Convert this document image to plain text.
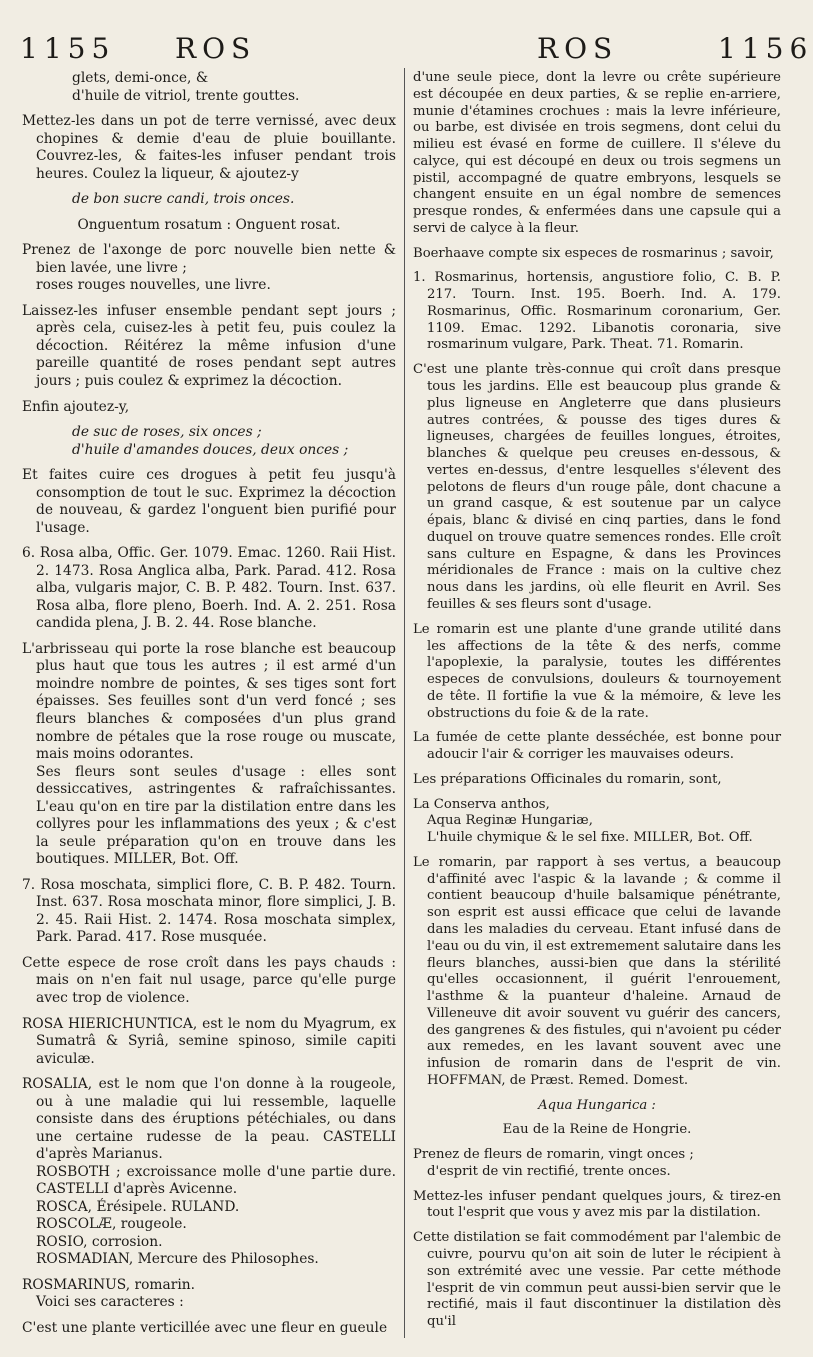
1155 ROS	ROS	1156
glets, demi-once, &
d'huile de vitriol, trente gouttes.
Mettez-les dans un pot de terre vernissé, avec deux chopines & demie d'eau de pluie bouillante. Couvrez-les, & faites-les infuser pendant trois heures. Coulez la liqueur, & ajoutez-y
de bon sucre candi, trois onces.
Onguentum rosatum : Onguent rosat.
Prenez de l'axonge de porc nouvelle bien nette & bien lavée, une livre ;
roses rouges nouvelles, une livre.
Laissez-les infuser ensemble pendant sept jours ; après cela, cuisez-les à petit feu, puis coulez la décoction. Réitérez la même infusion d'une pareille quantité de roses pendant sept autres jours ; puis coulez & exprimez la décoction.
Enfin ajoutez-y,
de suc de roses, six onces ;
d'huile d'amandes douces, deux onces ;
Et faites cuire ces drogues à petit feu jusqu'à consomption de tout le suc. Exprimez la décoction de nouveau, & gardez l'onguent bien purifié pour l'usage.
6. Rosa alba, Offic. Ger. 1079. Emac. 1260. Raii Hist. 2. 1473. Rosa Anglica alba, Park. Parad. 412. Rosa alba, vulgaris major, C. B. P. 482. Tourn. Inst. 637. Rosa alba, flore pleno, Boerh. Ind. A. 2. 251. Rosa candida plena, J. B. 2. 44. Rose blanche.
L'arbrisseau qui porte la rose blanche est beaucoup plus haut que tous les autres ; il est armé d'un moindre nombre de pointes, & ses tiges sont fort épaisses. Ses feuilles sont d'un verd foncé ; ses fleurs blanches & composées d'un plus grand nombre de pétales que la rose rouge ou muscate, mais moins odorantes.
Ses fleurs sont seules d'usage : elles sont dessiccatives, astringentes & rafraîchissantes. L'eau qu'on en tire par la distilation entre dans les collyres pour les inflammations des yeux ; & c'est la seule préparation qu'on en trouve dans les boutiques. MILLER, Bot. Off.
7. Rosa moschata, simplici flore, C. B. P. 482. Tourn. Inst. 637. Rosa moschata minor, flore simplici, J. B. 2. 45. Raii Hist. 2. 1474. Rosa moschata simplex, Park. Parad. 417. Rose musquée.
Cette espece de rose croît dans les pays chauds : mais on n'en fait nul usage, parce qu'elle purge avec trop de violence.
ROSA HIERICHUNTICA, est le nom du Myagrum, ex Sumatrâ & Syriâ, semine spinoso, simile capiti aviculæ.
ROSALIA, est le nom que l'on donne à la rougeole, ou à une maladie qui lui ressemble, laquelle consiste dans des éruptions pétéchiales, ou dans une certaine rudesse de la peau. CASTELLI d'après Marianus.
ROSBOTH ; excroissance molle d'une partie dure. CASTELLI d'après Avicenne.
ROSCA, Érésipele. RULAND.
ROSCOLÆ, rougeole.
ROSIO, corrosion.
ROSMADIAN, Mercure des Philosophes.
ROSMARINUS, romarin.
Voici ses caracteres :
C'est une plante verticillée avec une fleur en gueule
d'une seule piece, dont la levre ou crête supérieure est découpée en deux parties, & se replie en-arriere, munie d'étamines crochues : mais la levre inférieure, ou barbe, est divisée en trois segmens, dont celui du milieu est évasé en forme de cuillere. Il s'éleve du calyce, qui est découpé en deux ou trois segmens un pistil, accompagné de quatre embryons, lesquels se changent ensuite en un égal nombre de semences presque rondes, & enfermées dans une capsule qui a servi de calyce à la fleur.
Boerhaave compte six especes de rosmarinus ; savoir,
1. Rosmarinus, hortensis, angustiore folio, C. B. P. 217. Tourn. Inst. 195. Boerh. Ind. A. 179. Rosmarinus, Offic. Rosmarinum coronarium, Ger. 1109. Emac. 1292. Libanotis coronaria, sive rosmarinum vulgare, Park. Theat. 71. Romarin.
C'est une plante très-connue qui croît dans presque tous les jardins. Elle est beaucoup plus grande & plus ligneuse en Angleterre que dans plusieurs autres contrées, & pousse des tiges dures & ligneuses, chargées de feuilles longues, étroites, blanches & quelque peu creuses en-dessous, & vertes en-dessus, d'entre lesquelles s'élevent des pelotons de fleurs d'un rouge pâle, dont chacune a un grand casque, & est soutenue par un calyce épais, blanc & divisé en cinq parties, dans le fond duquel on trouve quatre semences rondes. Elle croît sans culture en Espagne, & dans les Provinces méridionales de France : mais on la cultive chez nous dans les jardins, où elle fleurit en Avril. Ses feuilles & ses fleurs sont d'usage.
Le romarin est une plante d'une grande utilité dans les affections de la tête & des nerfs, comme l'apoplexie, la paralysie, toutes les différentes especes de convulsions, douleurs & tournoyement de tête. Il fortifie la vue & la mémoire, & leve les obstructions du foie & de la rate.
La fumée de cette plante desséchée, est bonne pour adoucir l'air & corriger les mauvaises odeurs.
Les préparations Officinales du romarin, sont,
La Conserva anthos,
Aqua Reginæ Hungariæ,
L'huile chymique & le sel fixe. MILLER, Bot. Off.
Le romarin, par rapport à ses vertus, a beaucoup d'affinité avec l'aspic & la lavande ; & comme il contient beaucoup d'huile balsamique pénétrante, son esprit est aussi efficace que celui de lavande dans les maladies du cerveau. Etant infusé dans de l'eau ou du vin, il est extremement salutaire dans les fleurs blanches, aussi-bien que dans la stérilité qu'elles occasionnent, il guérit l'enrouement, l'asthme & la puanteur d'haleine. Arnaud de Villeneuve dit avoir souvent vu guérir des cancers, des gangrenes & des fistules, qui n'avoient pu céder aux remedes, en les lavant souvent avec une infusion de romarin dans de l'esprit de vin. HOFFMAN, de Præst. Remed. Domest.
Aqua Hungarica :
Eau de la Reine de Hongrie.
Prenez de fleurs de romarin, vingt onces ;
d'esprit de vin rectifié, trente onces.
Mettez-les infuser pendant quelques jours, & tirez-en tout l'esprit que vous y avez mis par la distilation.
Cette distilation se fait commodément par l'alembic de cuivre, pourvu qu'on ait soin de luter le récipient à son extrémité avec une vessie. Par cette méthode l'esprit de vin commun peut aussi-bien servir que le rectifié, mais il faut discontinuer la distilation dès qu'il
